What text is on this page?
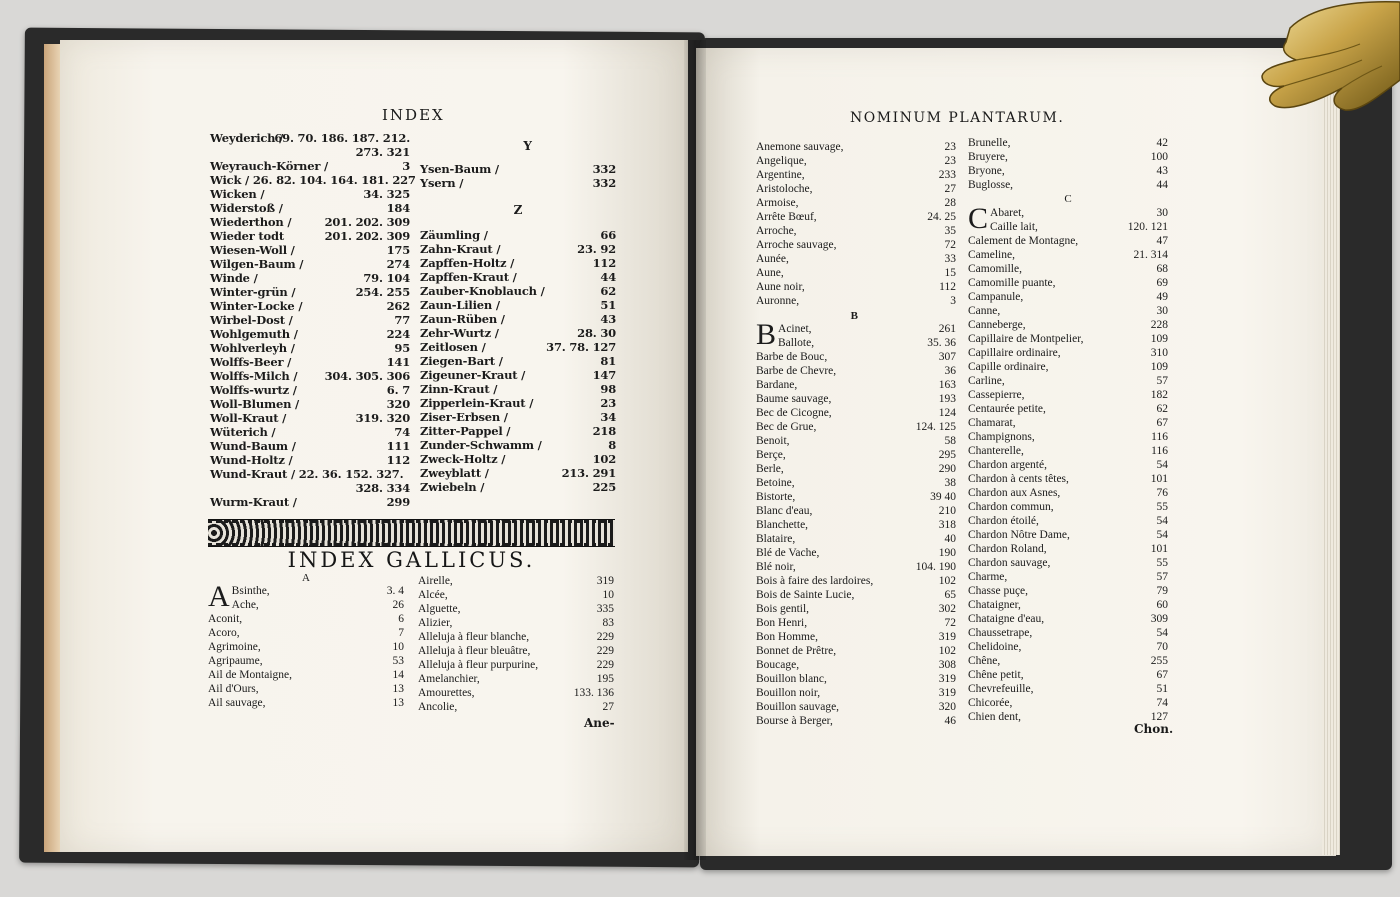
INDEX
Weyderich /
69. 70. 186. 187. 212.
273. 321
Weyrauch-Körner /	3
Wick / 26. 82. 104. 164. 181. 227
Wicken /	34. 325
Widerstoß /	184
Wiederthon /	201. 202. 309
Wieder todt	201. 202. 309
Wiesen-Woll /	175
Wilgen-Baum /	274
Winde /	79. 104
Winter-grün /	254. 255
Winter-Locke /	262
Wirbel-Dost /	77
Wohlgemuth /	224
Wohlverleyh /	95
Wolffs-Beer /	141
Wolffs-Milch / 304. 305. 306
Wolffs-wurtz /	6. 7
Woll-Blumen /	320
Woll-Kraut /	319. 320
Wüterich /	74
Wund-Baum /	111
Wund-Holtz /	112
Wund-Kraut / 22. 36. 152. 327.
328. 334
Wurm-Kraut /	299
Y
Ysen-Baum /	332
Ysern /	332
Z
Zäumling /	66
Zahn-Kraut /	23. 92
Zapffen-Holtz /	112
Zapffen-Kraut /	44
Zauber-Knoblauch /	62
Zaun-Lilien /	51
Zaun-Rüben /	43
Zehr-Wurtz /	28. 30
Zeitlosen /	37. 78. 127
Ziegen-Bart /	81
Zigeuner-Kraut /	147
Zinn-Kraut /	98
Zipperlein-Kraut /	23
Ziser-Erbsen /	34
Zitter-Pappel /	218
Zunder-Schwamm /	8
Zweck-Holtz /	102
Zweyblatt /	213. 291
Zwiebeln /	225
INDEX GALLICUS.
A
A Bsinthe,	3. 4
Ache,	26
Aconit,	6
Acoro,	7
Agrimoine,	10
Agripaume,	53
Ail de Montaigne,	14
Ail d'Ours,	13
Ail sauvage,	13
Airelle,	319
Alcée,	10
Alguette,	335
Alizier,	83
Alleluja à fleur blanche,	229
Alleluja à fleur bleuâtre,	229
Alleluja à fleur purpurine,	229
Amelanchier,	195
Amourettes,	133. 136
Ancolie,	27
Ane-
NOMINUM PLANTARUM.
Anemone sauvage,	23
Angelique,	23
Argentine,	233
Aristoloche,	27
Armoise,	28
Arrête Bœuf,	24. 25
Arroche,	35
Arroche sauvage,	72
Aunée,	33
Aune,	15
Aune noir,	112
Auronne,	3
B
B Acinet,	261
Ballote,	35. 36
Barbe de Bouc,	307
Barbe de Chevre,	36
Bardane,	163
Baume sauvage,	193
Bec de Cicogne,	124
Bec de Grue,	124. 125
Benoit,	58
Berçe,	295
Berle,	290
Betoine,	38
Bistorte,	39 40
Blanc d'eau,	210
Blanchette,	318
Blataire,	40
Blé de Vache,	190
Blé noir,	104. 190
Bois à faire des lardoires,	102
Bois de Sainte Lucie,	65
Bois gentil,	302
Bon Henri,	72
Bon Homme,	319
Bonnet de Prêtre,	102
Boucage,	308
Bouillon blanc,	319
Bouillon noir,	319
Bouillon sauvage,	320
Bourse à Berger,	46
Brunelle,	42
Bruyere,	100
Bryone,	43
Buglosse,	44
C
C Abaret,	30
Caille lait,	120. 121
Calement de Montagne,	47
Cameline,	21. 314
Camomille,	68
Camomille puante,	69
Campanule,	49
Canne,	30
Canneberge,	228
Capillaire de Montpelier,	109
Capillaire ordinaire,	310
Capille ordinaire,	109
Carline,	57
Cassepierre,	182
Centaurée petite,	62
Chamarat,	67
Champignons,	116
Chanterelle,	116
Chardon argenté,	54
Chardon à cents têtes,	101
Chardon aux Asnes,	76
Chardon commun,	55
Chardon étoilé,	54
Chardon Nôtre Dame,	54
Chardon Roland,	101
Chardon sauvage,	55
Charme,	57
Chasse puçe,	79
Chataigner,	60
Chataigne d'eau,	309
Chaussetrape,	54
Chelidoine,	70
Chêne,	255
Chêne petit,	67
Chevrefeuille,	51
Chicorée,	74
Chien dent,	127
Chon.
